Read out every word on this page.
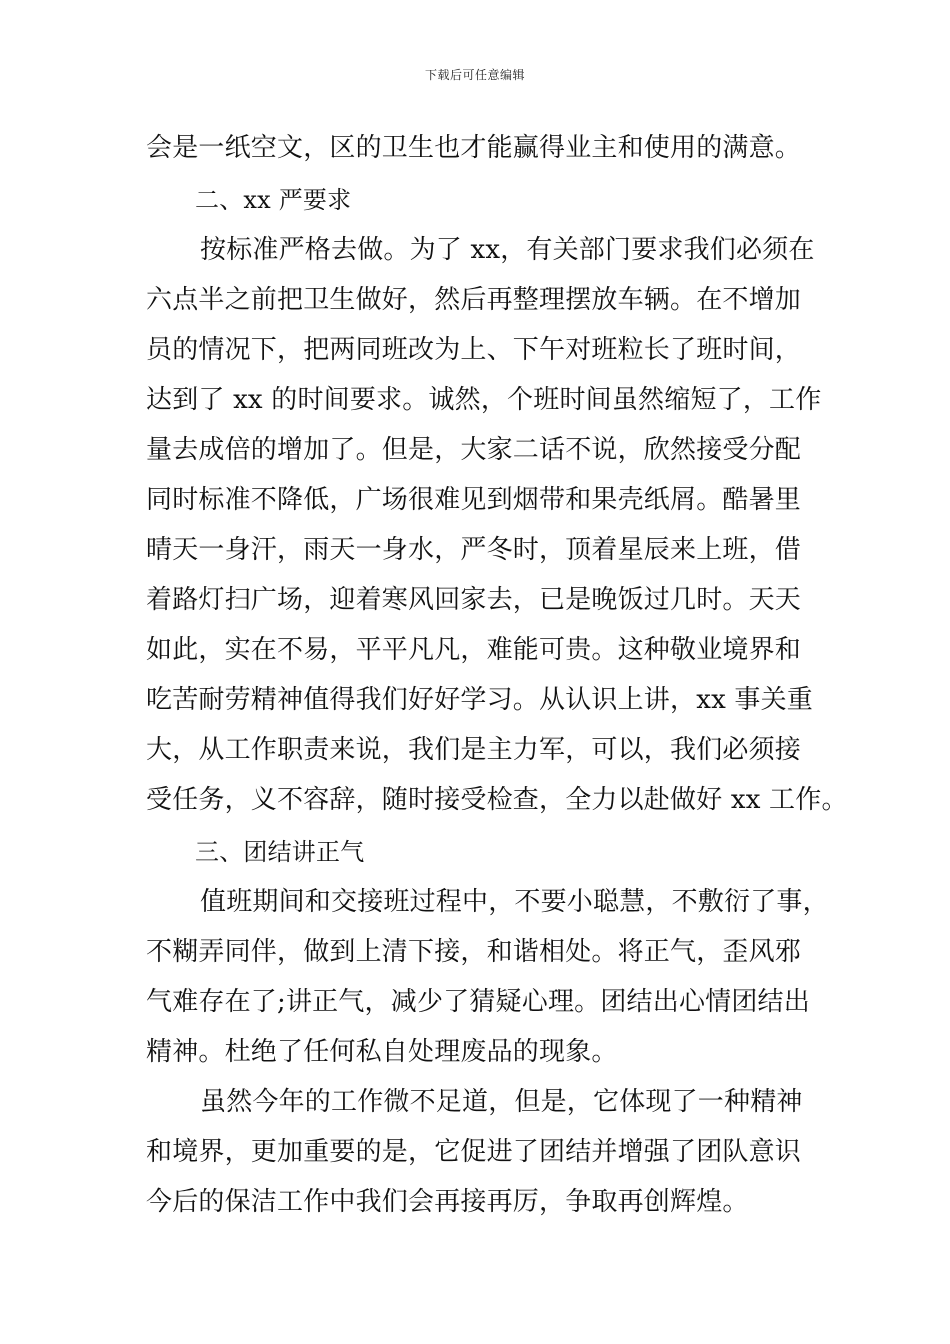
下载后可任意编辑
会是一纸空文，区的卫生也才能赢得业主和使用的满意。
二、xx 严要求
按标准严格去做。为了 xx，有关部门要求我们必须在
六点半之前把卫生做好，然后再整理摆放车辆。在不增加
员的情况下，把两同班改为上、下午对班粒长了班时间，
达到了 xx 的时间要求。诚然，个班时间虽然缩短了，工作
量去成倍的增加了。但是，大家二话不说，欣然接受分配
同时标准不降低，广场很难见到烟带和果壳纸屑。酷暑里
晴天一身汗，雨天一身水，严冬时，顶着星辰来上班，借
着路灯扫广场，迎着寒风回家去，已是晚饭过几时。天天
如此，实在不易，平平凡凡，难能可贵。这种敬业境界和
吃苦耐劳精神值得我们好好学习。从认识上讲，xx 事关重
大，从工作职责来说，我们是主力军，可以，我们必须接
受任务，义不容辞，随时接受检查，全力以赴做好 xx 工作。
三、团结讲正气
值班期间和交接班过程中，不要小聪慧，不敷衍了事，
不糊弄同伴，做到上清下接，和谐相处。将正气，歪风邪
气难存在了;讲正气，减少了猜疑心理。团结出心情团结出
精神。杜绝了任何私自处理废品的现象。
虽然今年的工作微不足道，但是，它体现了一种精神
和境界，更加重要的是，它促进了团结并增强了团队意识
今后的保洁工作中我们会再接再厉，争取再创辉煌。
